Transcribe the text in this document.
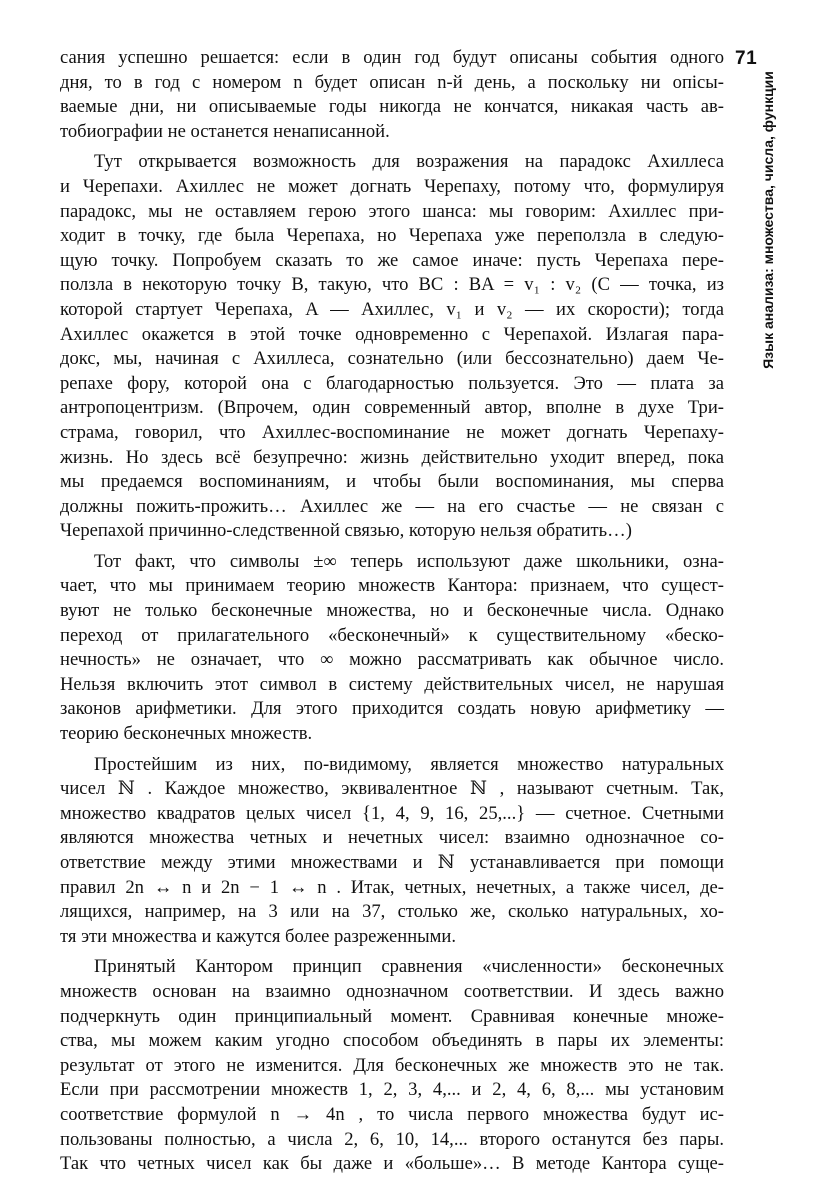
71
Язык анализа: множества, числа, функции
сания успешно решается: если в один год будут описаны события одного
дня, то в год с номером n будет описан n-й день, а поскольку ни опісы-
ваемые дни, ни описываемые годы никогда не кончатся, никакая часть ав-
тобиографии не останется ненаписанной.
Тут открывается возможность для возражения на парадокс Ахиллеса
и Черепахи. Ахиллес не может догнать Черепаху, потому что, формулируя
парадокс, мы не оставляем герою этого шанса: мы говорим: Ахиллес при-
ходит в точку, где была Черепаха, но Черепаха уже переползла в следую-
щую точку. Попробуем сказать то же самое иначе: пусть Черепаха пере-
ползла в некоторую точку B, такую, что BC : BA = v₁ : v₂ (C — точка, из
которой стартует Черепаха, A — Ахиллес, v₁ и v₂ — их скорости); тогда
Ахиллес окажется в этой точке одновременно с Черепахой. Излагая пара-
докс, мы, начиная с Ахиллеса, сознательно (или бессознательно) даем Че-
репахе фору, которой она с благодарностью пользуется. Это — плата за
антропоцентризм. (Впрочем, один современный автор, вполне в духе Три-
страма, говорил, что Ахиллес-воспоминание не может догнать Черепаху-
жизнь. Но здесь всё безупречно: жизнь действительно уходит вперед, пока
мы предаемся воспоминаниям, и чтобы были воспоминания, мы сперва
должны пожить-прожить… Ахиллес же — на его счастье — не связан с
Черепахой причинно-следственной связью, которую нельзя обратить…)
Тот факт, что символы ±∞ теперь используют даже школьники, озна-
чает, что мы принимаем теорию множеств Кантора: признаем, что сущест-
вуют не только бесконечные множества, но и бесконечные числа. Однако
переход от прилагательного «бесконечный» к существительному «беско-
нечность» не означает, что ∞ можно рассматривать как обычное число.
Нельзя включить этот символ в систему действительных чисел, не нарушая
законов арифметики. Для этого приходится создать новую арифметику —
теорию бесконечных множеств.
Простейшим из них, по-видимому, является множество натуральных
чисел ℕ . Каждое множество, эквивалентное ℕ , называют счетным. Так,
множество квадратов целых чисел {1, 4, 9, 16, 25,...} — счетное. Счетными
являются множества четных и нечетных чисел: взаимно однозначное со-
ответствие между этими множествами и ℕ устанавливается при помощи
правил 2n ↔ n и 2n − 1 ↔ n . Итак, четных, нечетных, а также чисел, де-
лящихся, например, на 3 или на 37, столько же, сколько натуральных, хо-
тя эти множества и кажутся более разреженными.
Принятый Кантором принцип сравнения «численности» бесконечных
множеств основан на взаимно однозначном соответствии. И здесь важно
подчеркнуть один принципиальный момент. Сравнивая конечные множе-
ства, мы можем каким угодно способом объединять в пары их элементы:
результат от этого не изменится. Для бесконечных же множеств это не так.
Если при рассмотрении множеств 1, 2, 3, 4,... и 2, 4, 6, 8,... мы установим
соответствие формулой n → 4n , то числа первого множества будут ис-
пользованы полностью, а числа 2, 6, 10, 14,... второго останутся без пары.
Так что четных чисел как бы даже и «больше»… В методе Кантора суще-
